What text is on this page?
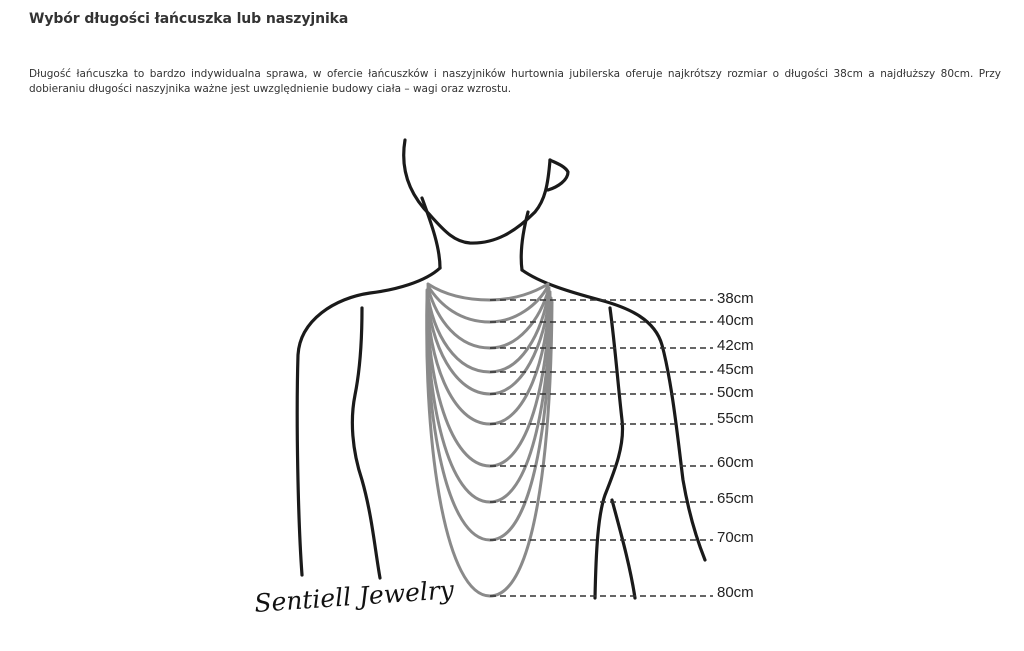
Wybór długości łańcuszka lub naszyjnika
Długość łańcuszka to bardzo indywidualna sprawa, w ofercie łańcuszków i naszyjników hurtownia jubilerska oferuje najkrótszy rozmiar o długości 38cm a najdłuższy 80cm. Przy dobieraniu długości naszyjnika ważne jest uwzględnienie budowy ciała – wagi oraz wzrostu.
38cm
40cm
42cm
45cm
50cm
55cm
60cm
65cm
70cm
80cm
Sentiell Jewelry
